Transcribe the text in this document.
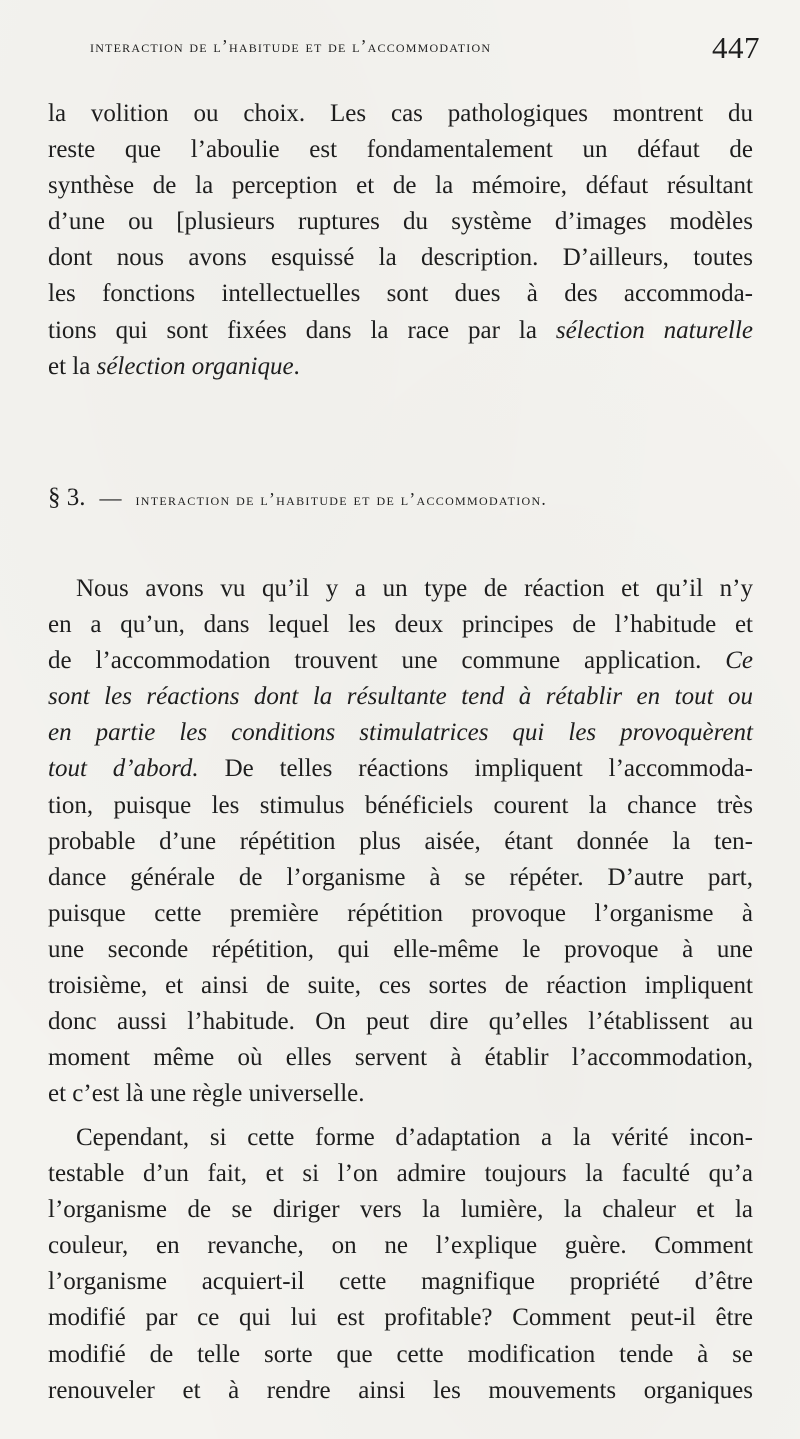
interaction de l’habitude et de l’accommodation	447
la volition ou choix. Les cas pathologiques montrent du
reste que l’aboulie est fondamentalement un défaut de
synthèse de la perception et de la mémoire, défaut résultant
d’une ou [plusieurs ruptures du système d’images modèles
dont nous avons esquissé la description. D’ailleurs, toutes
les fonctions intellectuelles sont dues à des accommoda-
tions qui sont fixées dans la race par la sélection naturelle
et la sélection organique.
§ 3. — interaction de l’habitude et de l’accommodation.
Nous avons vu qu’il y a un type de réaction et qu’il n’y
en a qu’un, dans lequel les deux principes de l’habitude et
de l’accommodation trouvent une commune application. Ce
sont les réactions dont la résultante tend à rétablir en tout ou
en partie les conditions stimulatrices qui les provoquèrent
tout d’abord. De telles réactions impliquent l’accommoda-
tion, puisque les stimulus bénéficiels courent la chance très
probable d’une répétition plus aisée, étant donnée la ten-
dance générale de l’organisme à se répéter. D’autre part,
puisque cette première répétition provoque l’organisme à
une seconde répétition, qui elle-même le provoque à une
troisième, et ainsi de suite, ces sortes de réaction impliquent
donc aussi l’habitude. On peut dire qu’elles l’établissent au
moment même où elles servent à établir l’accommodation,
et c’est là une règle universelle.
Cependant, si cette forme d’adaptation a la vérité incon-
testable d’un fait, et si l’on admire toujours la faculté qu’a
l’organisme de se diriger vers la lumière, la chaleur et la
couleur, en revanche, on ne l’explique guère. Comment
l’organisme acquiert-il cette magnifique propriété d’être
modifié par ce qui lui est profitable? Comment peut-il être
modifié de telle sorte que cette modification tende à se
renouveler et à rendre ainsi les mouvements organiques
